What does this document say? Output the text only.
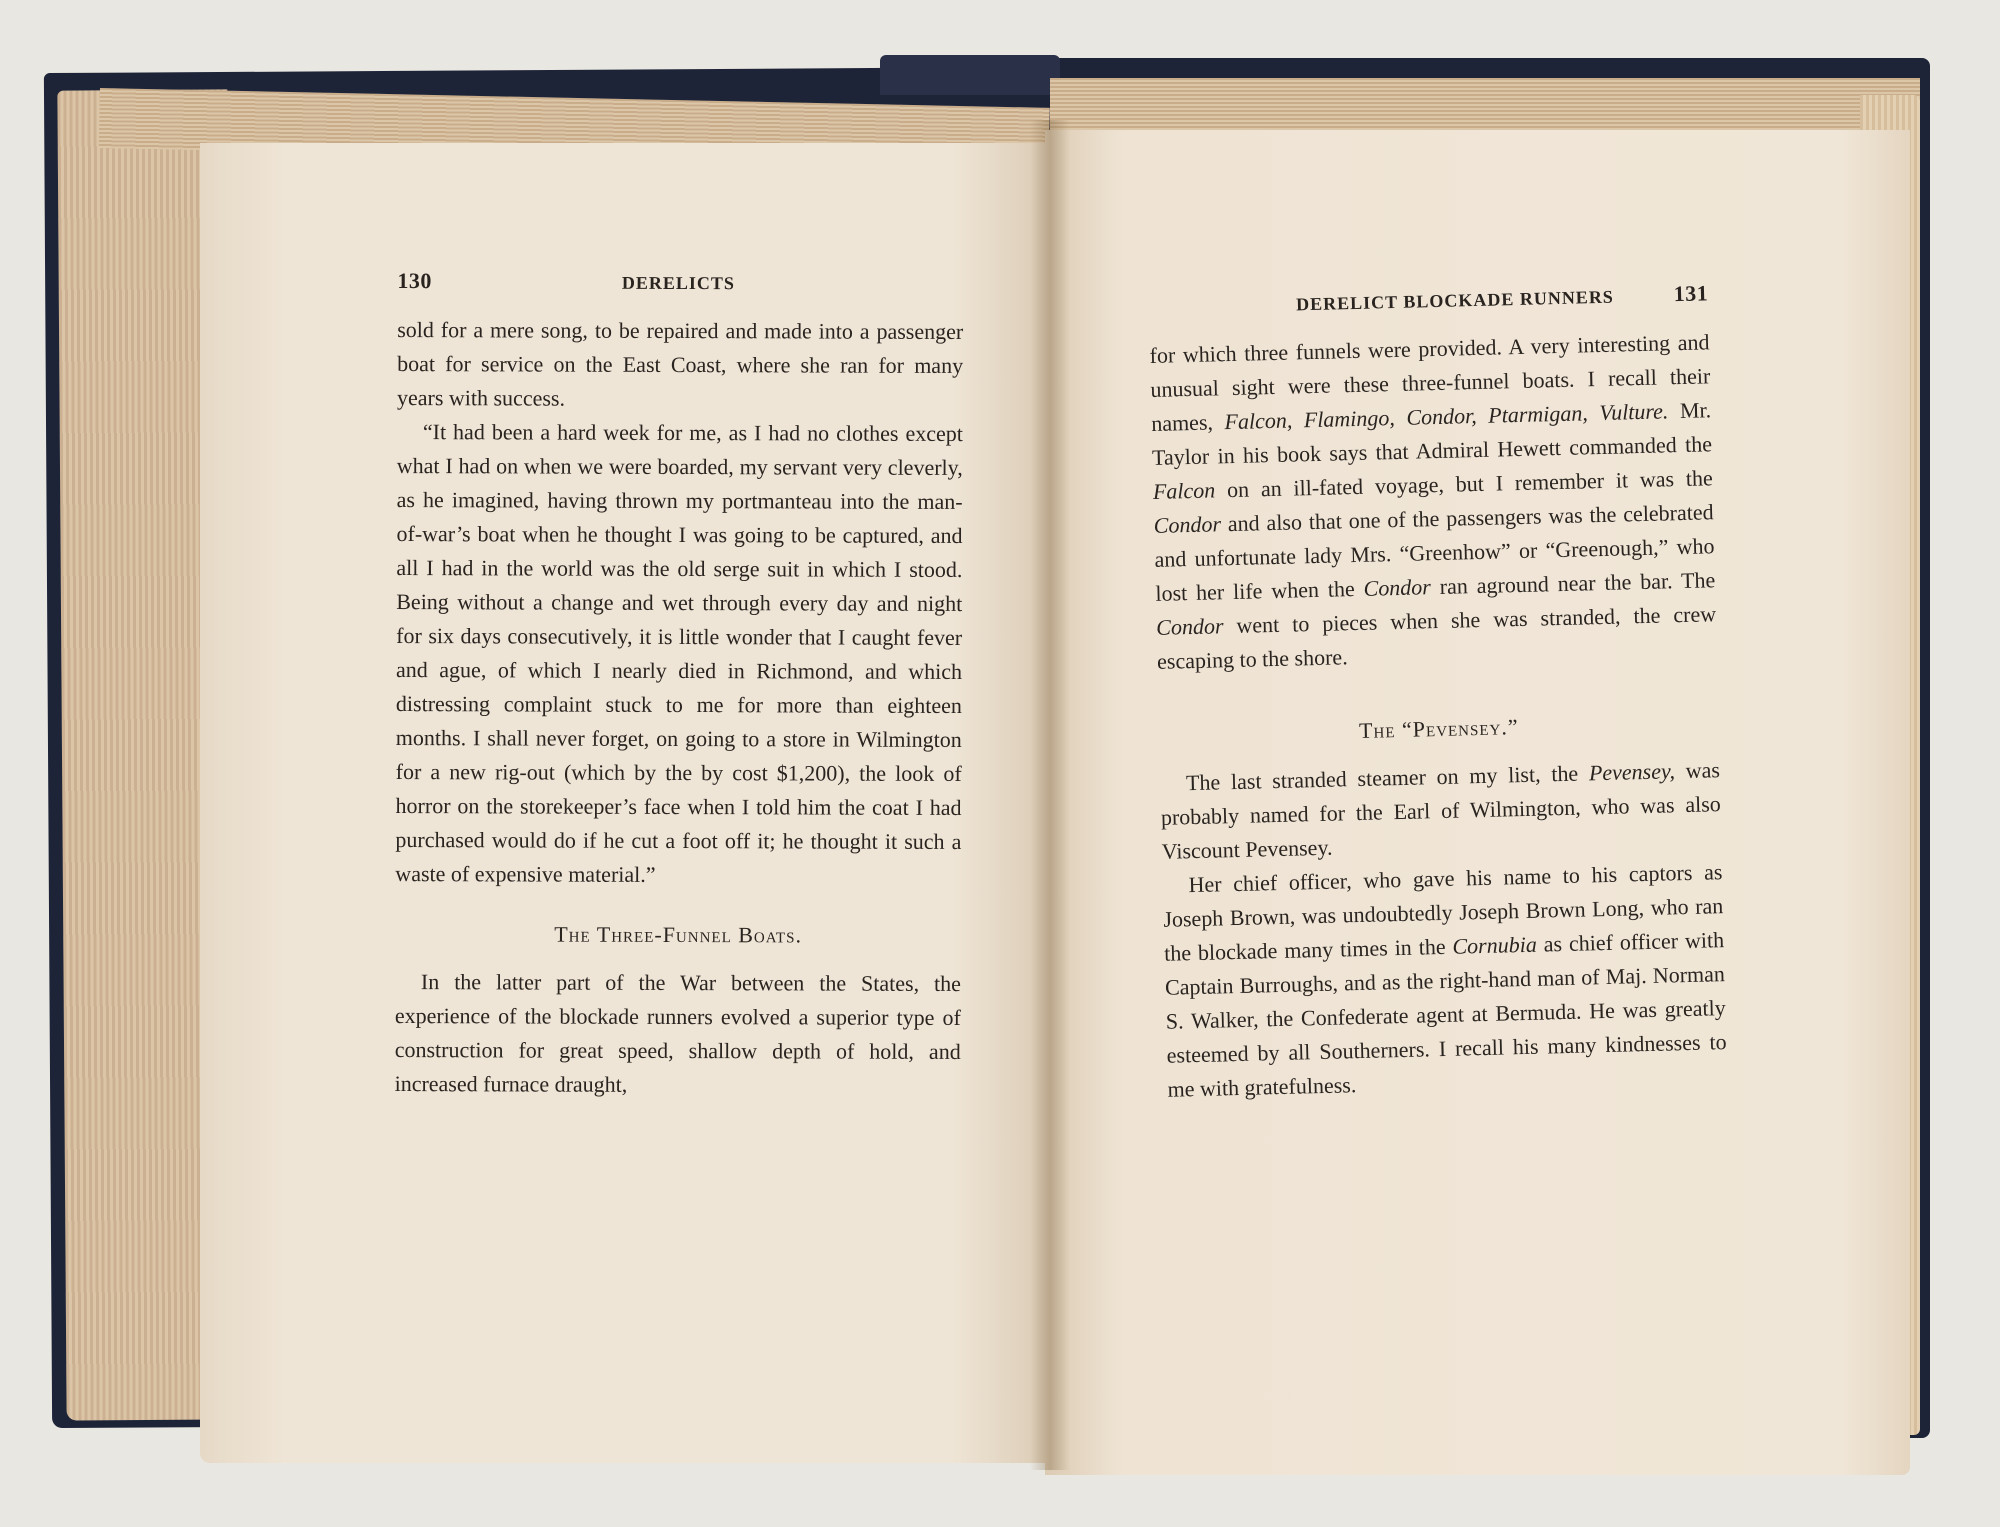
130	DERELICTS

sold for a mere song, to be repaired and made into a passenger boat for service on the East Coast, where she ran for many years with success.

“It had been a hard week for me, as I had no clothes except what I had on when we were boarded, my servant very cleverly, as he imagined, having thrown my portmanteau into the man-of-war’s boat when he thought I was going to be captured, and all I had in the world was the old serge suit in which I stood. Being without a change and wet through every day and night for six days consecutively, it is little wonder that I caught fever and ague, of which I nearly died in Richmond, and which distressing complaint stuck to me for more than eighteen months. I shall never forget, on going to a store in Wilmington for a new rig-out (which by the by cost $1,200), the look of horror on the storekeeper’s face when I told him the coat I had purchased would do if he cut a foot off it; he thought it such a waste of expensive material.”

The Three-Funnel Boats.

In the latter part of the War between the States, the experience of the blockade runners evolved a superior type of construction for great speed, shallow depth of hold, and increased furnace draught,

DERELICT BLOCKADE RUNNERS	131

for which three funnels were provided. A very interesting and unusual sight were these three-funnel boats. I recall their names, Falcon, Flamingo, Condor, Ptarmigan, Vulture. Mr. Taylor in his book says that Admiral Hewett commanded the Falcon on an ill-fated voyage, but I remember it was the Condor and also that one of the passengers was the celebrated and unfortunate lady Mrs. “Greenhow” or “Greenough,” who lost her life when the Condor ran aground near the bar. The Condor went to pieces when she was stranded, the crew escaping to the shore.

The “Pevensey.”

The last stranded steamer on my list, the Pevensey, was probably named for the Earl of Wilmington, who was also Viscount Pevensey.

Her chief officer, who gave his name to his captors as Joseph Brown, was undoubtedly Joseph Brown Long, who ran the blockade many times in the Cornubia as chief officer with Captain Burroughs, and as the right-hand man of Maj. Norman S. Walker, the Confederate agent at Bermuda. He was greatly esteemed by all Southerners. I recall his many kindnesses to me with gratefulness.
